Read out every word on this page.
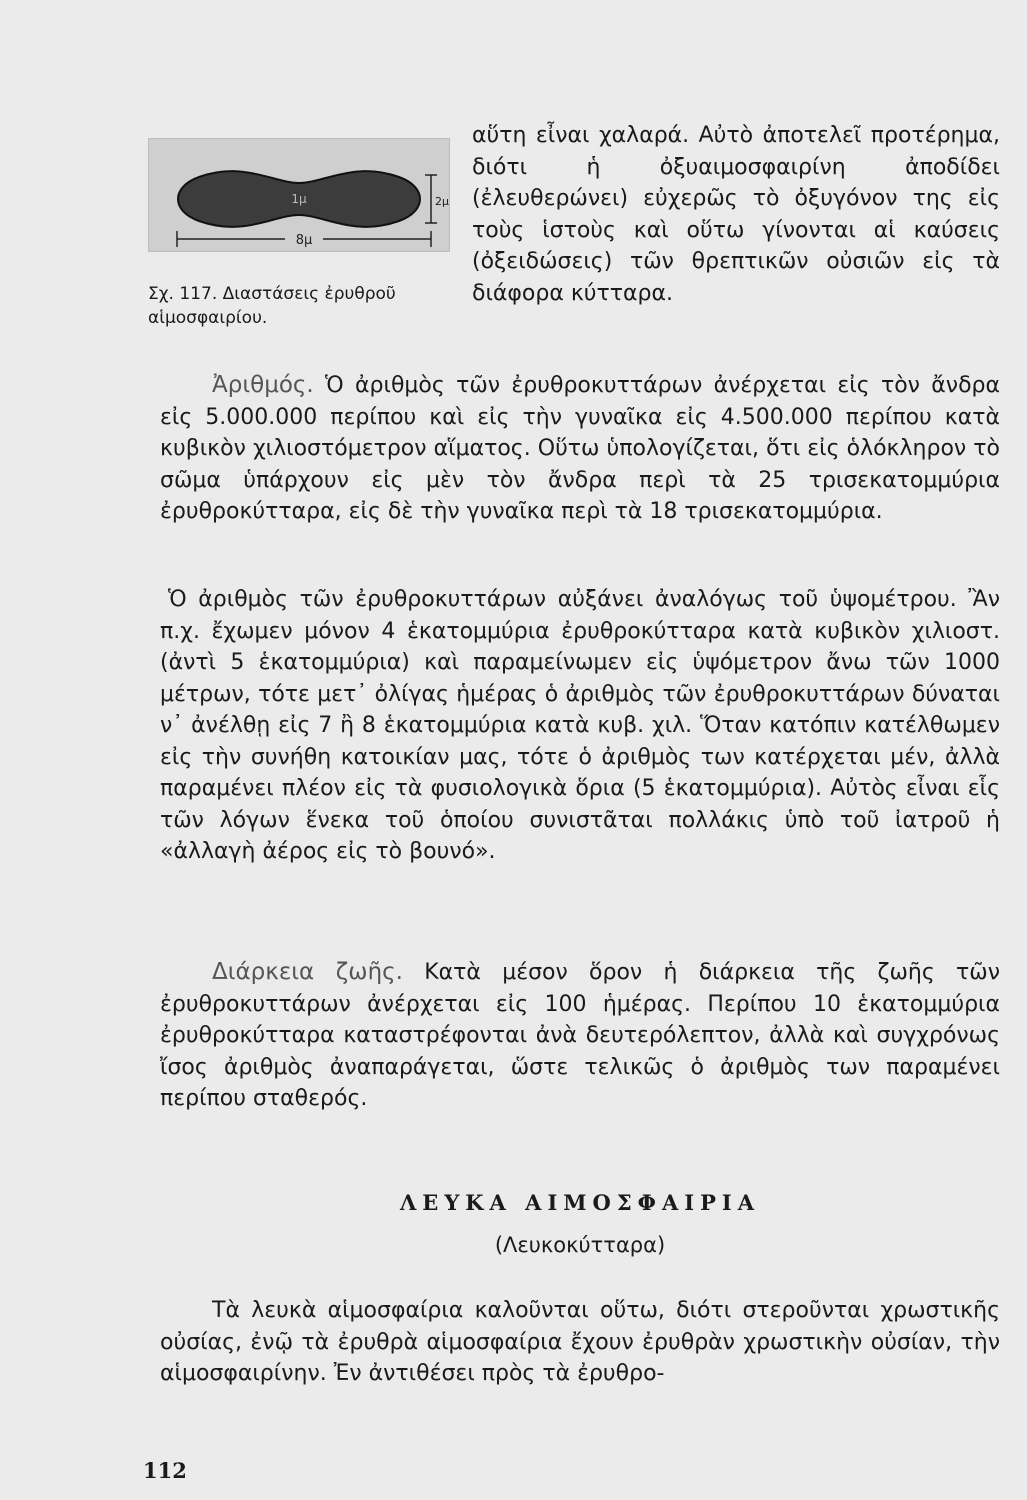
1μ
8μ
2μ
Σχ. 117. Διαστάσεις ἐρυθροῦ αἱμοσφαιρίου.

αὕτη εἶναι χαλαρά. Αὐτὸ ἀποτελεῖ προτέρημα, διότι ἡ ὀξυαιμοσφαιρίνη ἀποδίδει (ἐλευθερώνει) εὐχερῶς τὸ ὀξυγόνον της εἰς τοὺς ἱστοὺς καὶ οὕτω γίνονται αἱ καύσεις (ὀξειδώσεις) τῶν θρεπτικῶν οὐσιῶν εἰς τὰ διάφορα κύτταρα.

Ἀριθμός. Ὁ ἀριθμὸς τῶν ἐρυθροκυττάρων ἀνέρχεται εἰς τὸν ἄνδρα εἰς 5.000.000 περίπου καὶ εἰς τὴν γυναῖκα εἰς 4.500.000 περίπου κατὰ κυβικὸν χιλιοστόμετρον αἵματος. Οὕτω ὑπολογίζεται, ὅτι εἰς ὁλόκληρον τὸ σῶμα ὑπάρχουν εἰς μὲν τὸν ἄνδρα περὶ τὰ 25 τρισεκατομμύρια ἐρυθροκύτταρα, εἰς δὲ τὴν γυναῖκα περὶ τὰ 18 τρισεκατομμύρια.

Ὁ ἀριθμὸς τῶν ἐρυθροκυττάρων αὐξάνει ἀναλόγως τοῦ ὑψομέτρου. Ἂν π.χ. ἔχωμεν μόνον 4 ἑκατομμύρια ἐρυθροκύτταρα κατὰ κυβικὸν χιλιοστ. (ἀντὶ 5 ἑκατομμύρια) καὶ παραμείνωμεν εἰς ὑψόμετρον ἄνω τῶν 1000 μέτρων, τότε μετ᾽ ὀλίγας ἡμέρας ὁ ἀριθμὸς τῶν ἐρυθροκυττάρων δύναται ν᾽ ἀνέλθῃ εἰς 7 ἢ 8 ἑκατομμύρια κατὰ κυβ. χιλ. Ὅταν κατόπιν κατέλθωμεν εἰς τὴν συνήθη κατοικίαν μας, τότε ὁ ἀριθμὸς των κατέρχεται μέν, ἀλλὰ παραμένει πλέον εἰς τὰ φυσιολογικὰ ὅρια (5 ἑκατομμύρια). Αὐτὸς εἶναι εἷς τῶν λόγων ἕνεκα τοῦ ὁποίου συνιστᾶται πολλάκις ὑπὸ τοῦ ἰατροῦ ἡ «ἀλλαγὴ ἀέρος εἰς τὸ βουνό».

Διάρκεια ζωῆς. Κατὰ μέσον ὅρον ἡ διάρκεια τῆς ζωῆς τῶν ἐρυθροκυττάρων ἀνέρχεται εἰς 100 ἡμέρας. Περίπου 10 ἑκατομμύρια ἐρυθροκύτταρα καταστρέφονται ἀνὰ δευτερόλεπτον, ἀλλὰ καὶ συγχρόνως ἴσος ἀριθμὸς ἀναπαράγεται, ὥστε τελικῶς ὁ ἀριθμὸς των παραμένει περίπου σταθερός.

ΛΕΥΚΑ ΑΙΜΟΣΦΑΙΡΙΑ
(Λευκοκύτταρα)

Τὰ λευκὰ αἱμοσφαίρια καλοῦνται οὕτω, διότι στεροῦνται χρωστικῆς οὐσίας, ἐνῷ τὰ ἐρυθρὰ αἱμοσφαίρια ἔχουν ἐρυθρὰν χρωστικὴν οὐσίαν, τὴν αἱμοσφαιρίνην. Ἐν ἀντιθέσει πρὸς τὰ ἐρυθρο-

112
